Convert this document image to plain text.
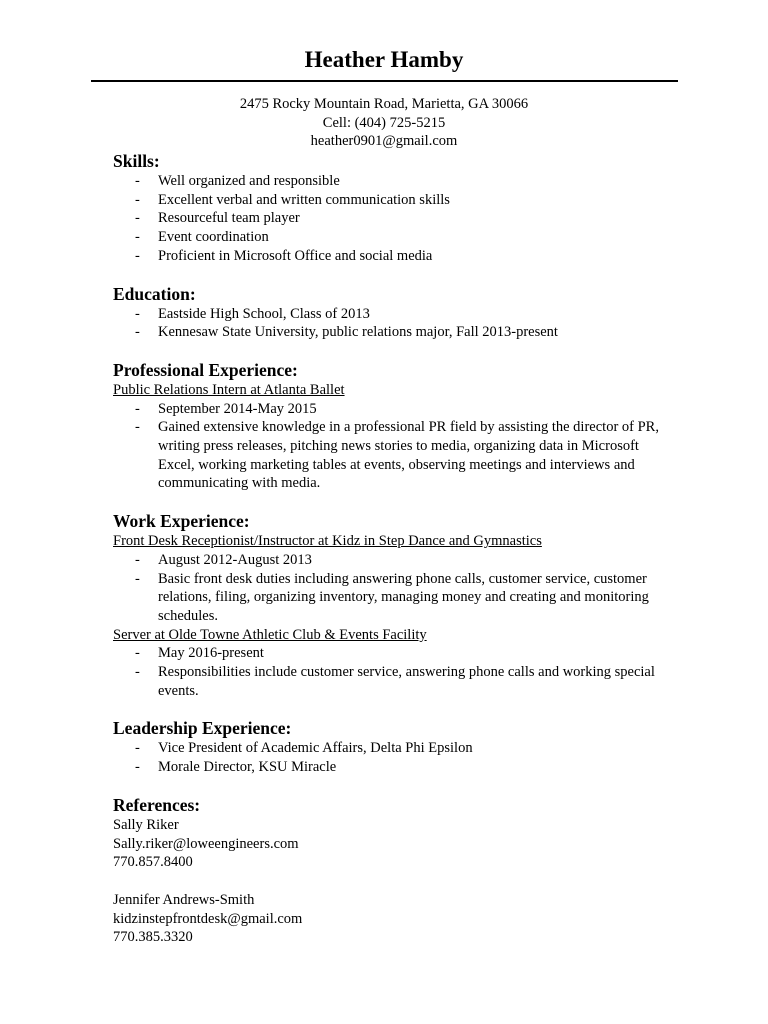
Heather Hamby
2475 Rocky Mountain Road, Marietta, GA 30066
Cell: (404) 725-5215
heather0901@gmail.com
Skills:
- Well organized and responsible
- Excellent verbal and written communication skills
- Resourceful team player
- Event coordination
- Proficient in Microsoft Office and social media
Education:
- Eastside High School, Class of 2013
- Kennesaw State University, public relations major, Fall 2013-present
Professional Experience:
Public Relations Intern at Atlanta Ballet
- September 2014-May 2015
- Gained extensive knowledge in a professional PR field by assisting the director of PR, writing press releases, pitching news stories to media, organizing data in Microsoft Excel, working marketing tables at events, observing meetings and interviews and communicating with media.
Work Experience:
Front Desk Receptionist/Instructor at Kidz in Step Dance and Gymnastics
- August 2012-August 2013
- Basic front desk duties including answering phone calls, customer service, customer relations, filing, organizing inventory, managing money and creating and monitoring schedules.
Server at Olde Towne Athletic Club & Events Facility
- May 2016-present
- Responsibilities include customer service, answering phone calls and working special events.
Leadership Experience:
- Vice President of Academic Affairs, Delta Phi Epsilon
- Morale Director, KSU Miracle
References:
Sally Riker
Sally.riker@loweengineers.com
770.857.8400
Jennifer Andrews-Smith
kidzinstepfrontdesk@gmail.com
770.385.3320
